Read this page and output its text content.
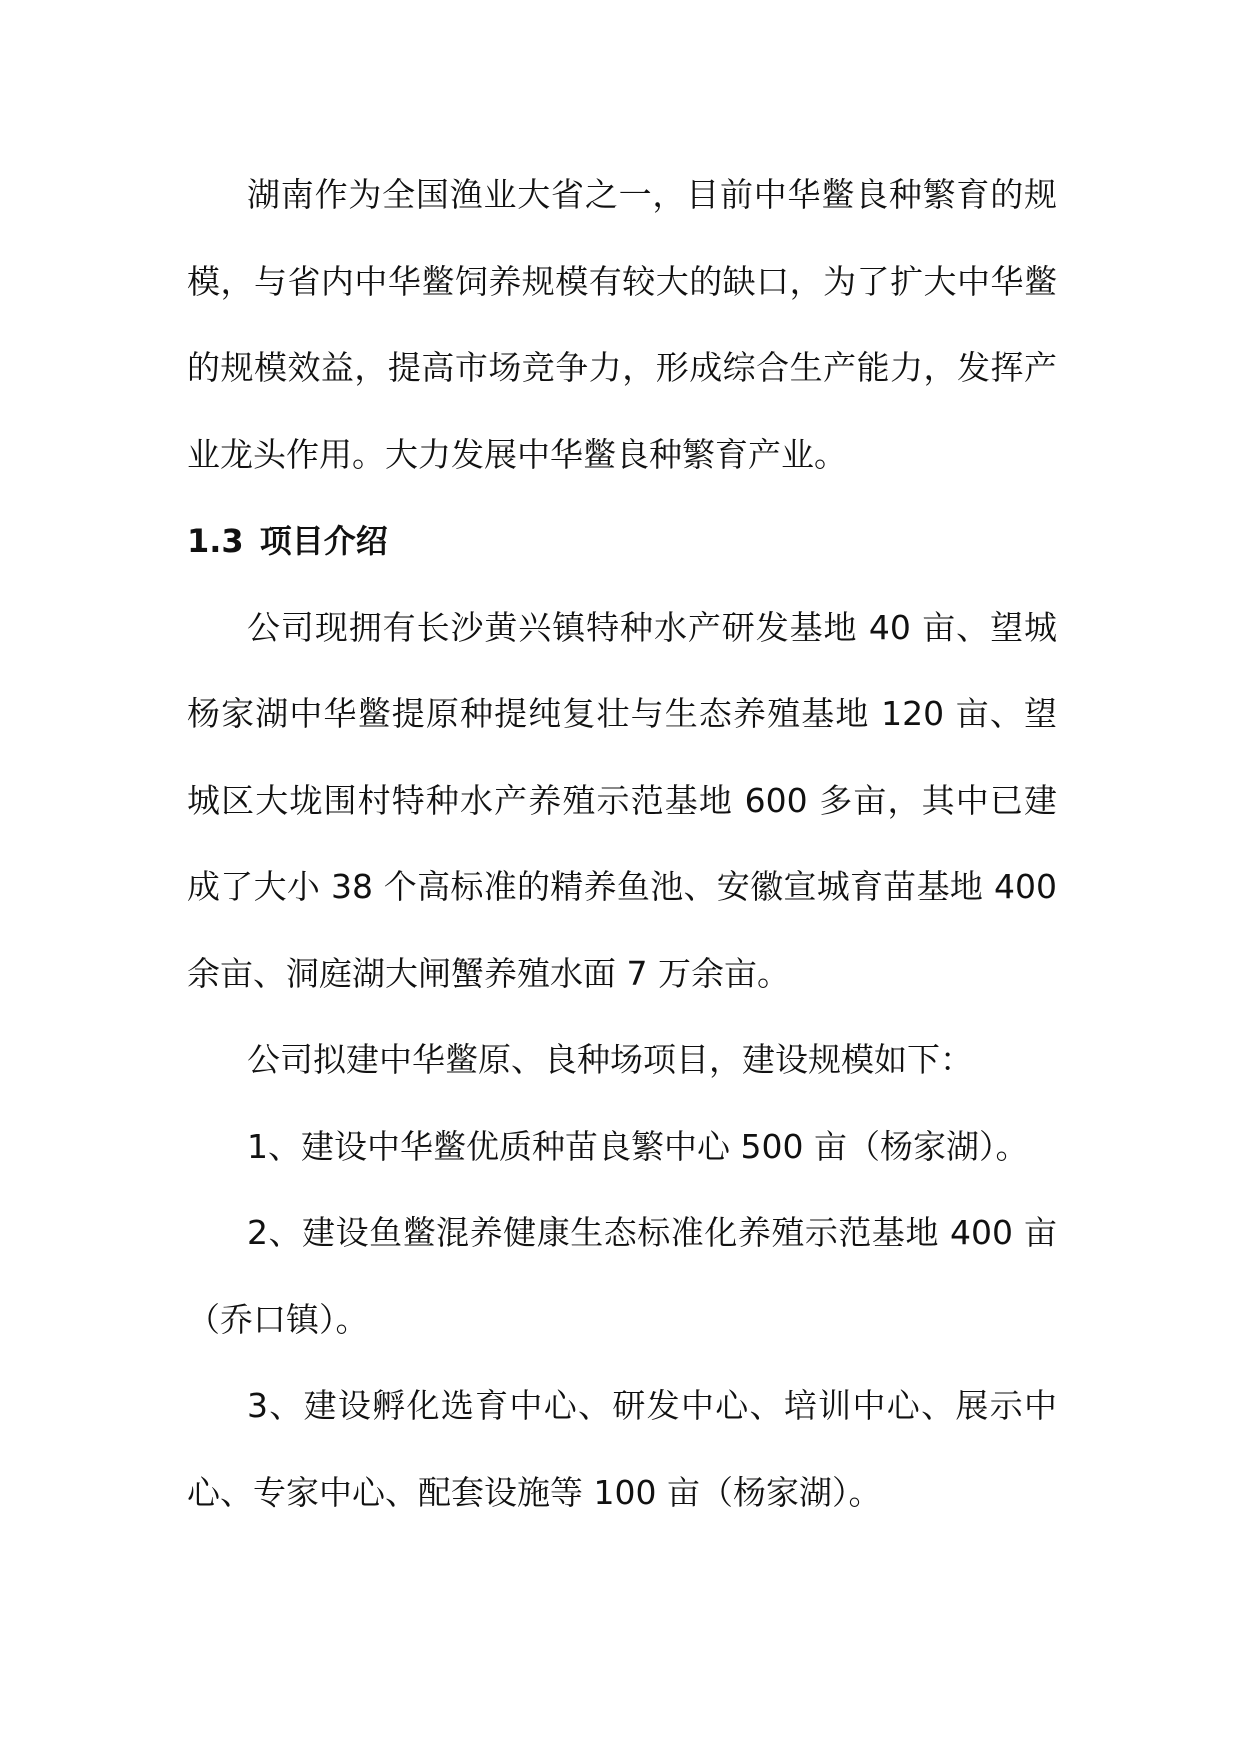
湖南作为全国渔业大省之一，目前中华鳖良种繁育的规模，与省内中华鳖饲养规模有较大的缺口，为了扩大中华鳖的规模效益，提高市场竞争力，形成综合生产能力，发挥产业龙头作用。大力发展中华鳖良种繁育产业。

1.3 项目介绍

公司现拥有长沙黄兴镇特种水产研发基地 40 亩、望城杨家湖中华鳖提原种提纯复壮与生态养殖基地 120 亩、望城区大垅围村特种水产养殖示范基地 600 多亩，其中已建成了大小 38 个高标准的精养鱼池、安徽宣城育苗基地 400 余亩、洞庭湖大闸蟹养殖水面 7 万余亩。

公司拟建中华鳖原、良种场项目，建设规模如下：

1、建设中华鳖优质种苗良繁中心 500 亩（杨家湖）。

2、建设鱼鳖混养健康生态标准化养殖示范基地 400 亩（乔口镇）。

3、建设孵化选育中心、研发中心、培训中心、展示中心、专家中心、配套设施等 100 亩（杨家湖）。
